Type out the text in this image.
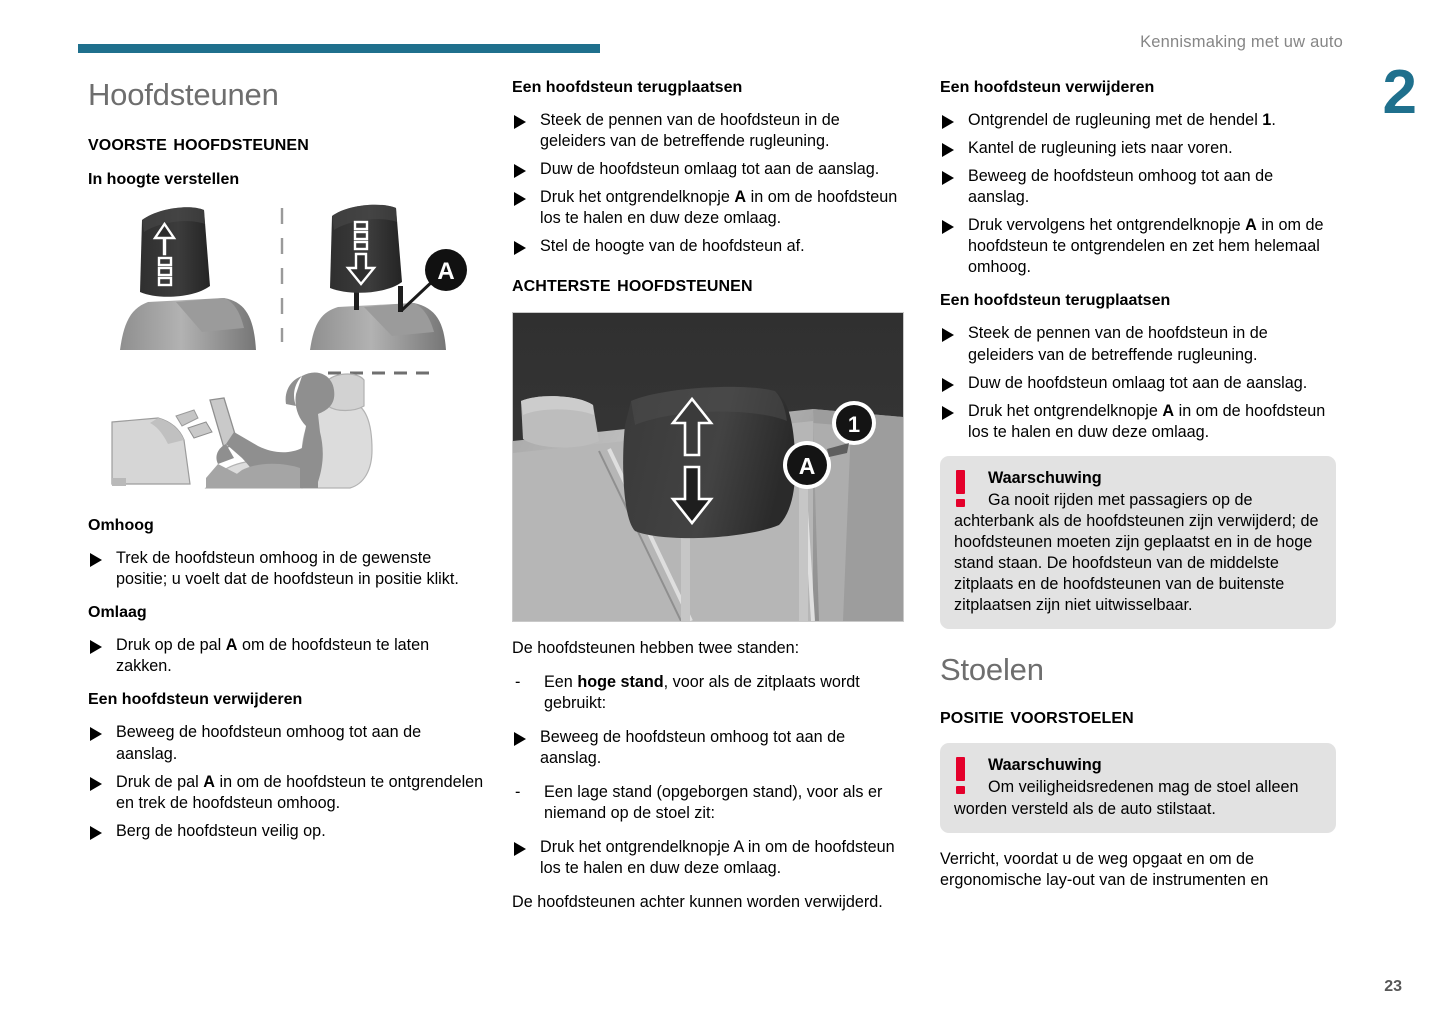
Kennismaking met uw auto
2
23
Hoofdsteunen
voorste hoofdsteunen
In hoogte verstellen
A
Omhoog
Trek de hoofdsteun omhoog in de gewenste positie; u voelt dat de hoofdsteun in positie klikt.
Omlaag
Druk op de pal A om de hoofdsteun te laten zakken.
Een hoofdsteun verwijderen
Beweeg de hoofdsteun omhoog tot aan de aanslag.
Druk de pal A in om de hoofdsteun te ontgrendelen en trek de hoofdsteun omhoog.
Berg de hoofdsteun veilig op.
Een hoofdsteun terugplaatsen
Steek de pennen van de hoofdsteun in de geleiders van de betreffende rugleuning.
Duw de hoofdsteun omlaag tot aan de aanslag.
Druk het ontgrendelknopje A in om de hoofdsteun los te halen en duw deze omlaag.
Stel de hoogte van de hoofdsteun af.
achterste hoofdsteunen
A
1

De hoofdsteunen hebben twee standen:

- Een hoge stand, voor als de zitplaats wordt gebruikt:
Beweeg de hoofdsteun omhoog tot aan de aanslag.
- Een lage stand (opgeborgen stand), voor als er niemand op de stoel zit:
Druk het ontgrendelknopje A in om de hoofdsteun los te halen en duw deze omlaag.

De hoofdsteunen achter kunnen worden verwijderd.

Een hoofdsteun verwijderen
Ontgrendel de rugleuning met de hendel 1.
Kantel de rugleuning iets naar voren.
Beweeg de hoofdsteun omhoog tot aan de aanslag.
Druk vervolgens het ontgrendelknopje A in om de hoofdsteun te ontgrendelen en zet hem helemaal omhoog.
Een hoofdsteun terugplaatsen
Steek de pennen van de hoofdsteun in de geleiders van de betreffende rugleuning.
Duw de hoofdsteun omlaag tot aan de aanslag.
Druk het ontgrendelknopje A in om de hoofdsteun los te halen en duw deze omlaag.
Waarschuwing

Ga nooit rijden met passagiers op de achterbank als de hoofdsteunen zijn verwijderd; de hoofdsteunen moeten zijn geplaatst en in de hoge stand staan. De hoofdsteun van de middelste zitplaats en de hoofdsteunen van de buitenste zitplaatsen zijn niet uitwisselbaar.

Stoelen
positie voorstoelen
Waarschuwing

Om veiligheidsredenen mag de stoel alleen worden versteld als de auto stilstaat.

Verricht, voordat u de weg opgaat en om de ergonomische lay-out van de instrumenten en
